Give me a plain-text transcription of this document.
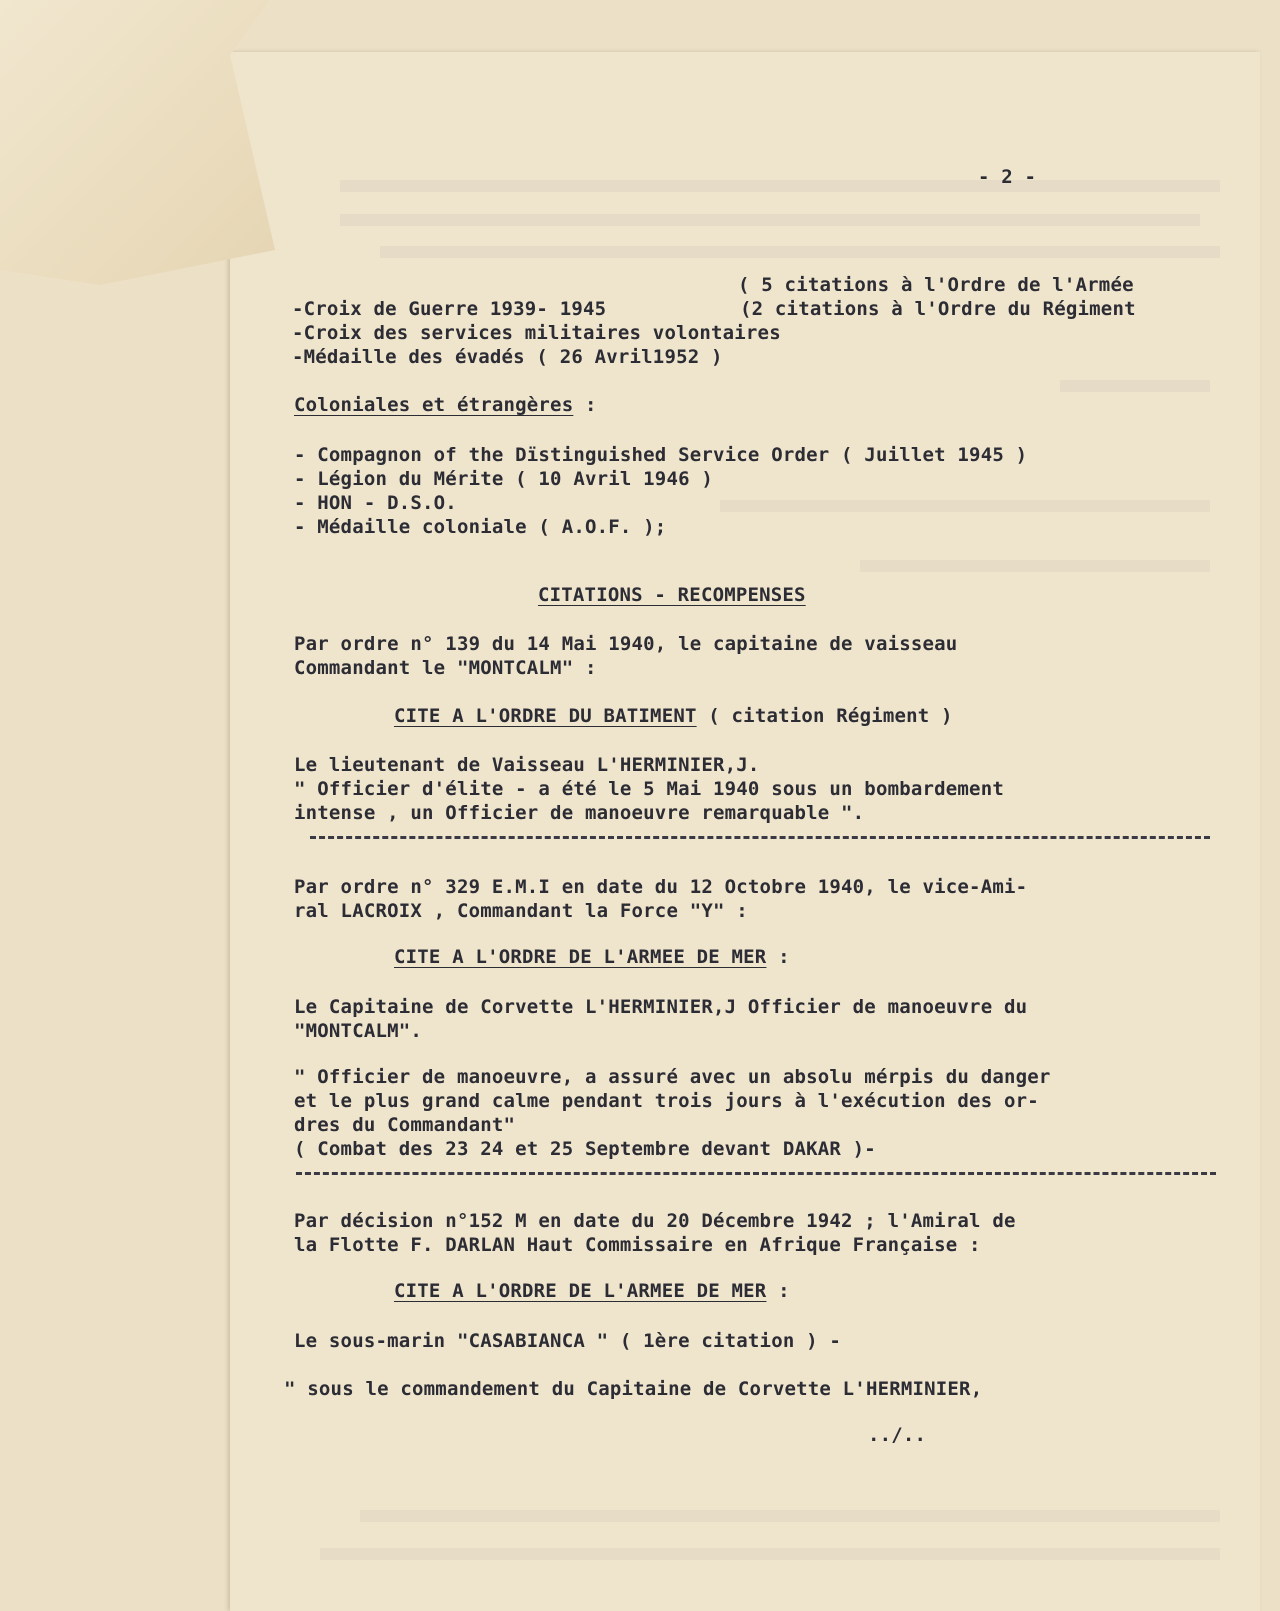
- 2 -
( 5 citations à l'Ordre de l'Armée
-Croix de Guerre 1939- 1945	(2 citations à l'Ordre du Régiment
-Croix des services militaires volontaires
-Médaille des évadés ( 26 Avril1952 )
Coloniales et étrangères :
- Compagnon of the Dïstinguished Service Order ( Juillet 1945 )
- Légion du Mérite ( 10 Avril 1946 )
- HON - D.S.O.
- Médaille coloniale ( A.O.F. );
CITATIONS - RECOMPENSES
Par ordre n° 139 du 14 Mai 1940, le capitaine de vaisseau
Commandant le "MONTCALM" :
CITE A L'ORDRE DU BATIMENT ( citation Régiment )
Le lieutenant de Vaisseau L'HERMINIER,J.
" Officier d'élite - a été le 5 Mai 1940 sous un bombardement
intense , un Officier de manoeuvre remarquable ".
Par ordre n° 329 E.M.I en date du 12 Octobre 1940, le vice-Ami-
ral LACROIX , Commandant la Force "Y" :
CITE A L'ORDRE DE L'ARMEE DE MER :
Le Capitaine de Corvette L'HERMINIER,J Officier de manoeuvre du
"MONTCALM".
" Officier de manoeuvre, a assuré avec un absolu mérpis du danger
et le plus grand calme pendant trois jours à l'exécution des or-
dres du Commandant"
( Combat des 23 24 et 25 Septembre devant DAKAR )-
Par décision n°152 M en date du 20 Décembre 1942 ; l'Amiral de
la Flotte F. DARLAN Haut Commissaire en Afrique Française :
CITE A L'ORDRE DE L'ARMEE DE MER :
Le sous-marin "CASABIANCA " ( 1ère citation ) -
" sous le commandement du Capitaine de Corvette L'HERMINIER,
../..
